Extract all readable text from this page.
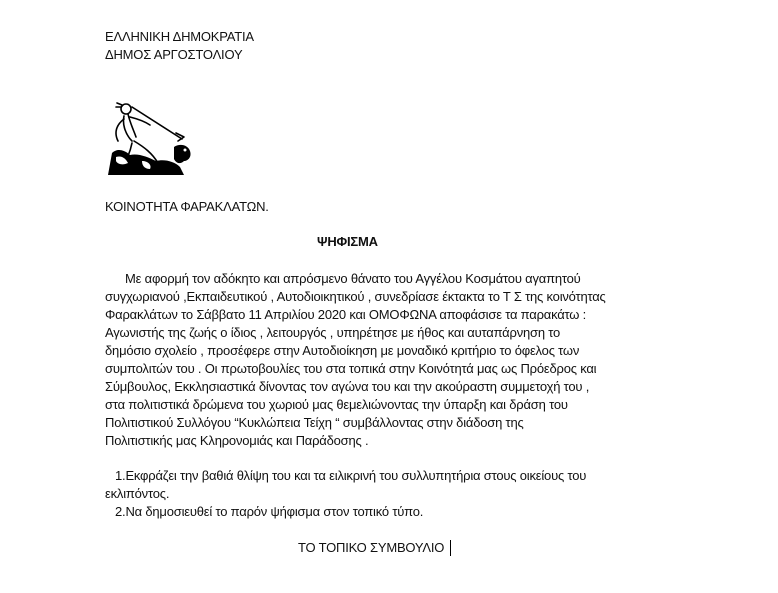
ΕΛΛΗΝΙΚΗ ΔΗΜΟΚΡΑΤΙΑ
ΔΗΜΟΣ ΑΡΓΟΣΤΟΛΙΟΥ
ΚΟΙΝΟΤΗΤΑ ΦΑΡΑΚΛΑΤΩΝ.
ΨΗΦΙΣΜΑ
Με αφορμή τον αδόκητο και απρόσμενο θάνατο του Αγγέλου Κοσμάτου αγαπητού
συγχωριανού ,Εκπαιδευτικού , Αυτοδιοικητικού , συνεδρίασε έκτακτα το Τ Σ της κοινότητας
Φαρακλάτων το Σάββατο 11 Απριλίου 2020 και ΟΜΟΦΩΝΑ αποφάσισε τα παρακάτω :
Αγωνιστής της ζωής ο ίδιος , λειτουργός , υπηρέτησε με ήθος και αυταπάρνηση το
δημόσιο σχολείο , προσέφερε στην Αυτοδιοίκηση με μοναδικό κριτήριο το όφελος των
συμπολιτών του . Οι πρωτοβουλίες του στα τοπικά στην Κοινότητά μας ως Πρόεδρος και
Σύμβουλος, Εκκλησιαστικά δίνοντας τον αγώνα του και την ακούραστη συμμετοχή του ,
στα πολιτιστικά δρώμενα του χωριού μας θεμελιώνοντας την ύπαρξη και δράση του
Πολιτιστικού Συλλόγου “Κυκλώπεια Τείχη “ συμβάλλοντας στην διάδοση της
Πολιτιστικής μας Κληρονομιάς και Παράδοσης .
1.Εκφράζει την βαθιά θλίψη του και τα ειλικρινή του συλλυπητήρια στους οικείους του
εκλιπόντος.
2.Να δημοσιευθεί το παρόν ψήφισμα στον τοπικό τύπο.
ΤΟ ΤΟΠΙΚΟ ΣΥΜΒΟΥΛΙΟ
